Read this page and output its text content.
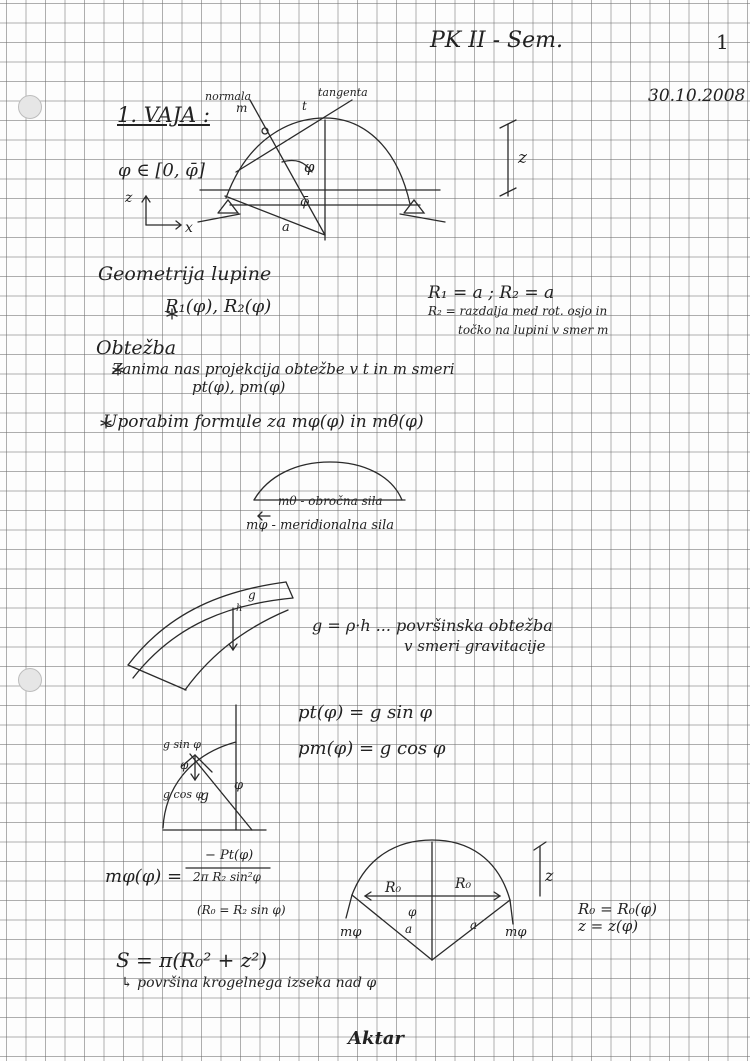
PK II - Sem.	1
30.10.2008
1. VAJA :
φ ∈ [0, φ̄]
normala
m
tangenta
t
φ
φ̄
a
z
x
z
Geometrija lupine
R₁(φ), R₂(φ)
R₁ = a ; R₂ = a
R₂ = razdalja med rot. osjo in
točko na lupini v smer m
Obtežba
Zanima nas projekcija obtežbe v t in m smeri
pt(φ), pm(φ)
Uporabim formule za mφ(φ) in mθ(φ)
mθ - obročna sila
mφ - meridionalna sila
g
h
g = ρ·h ... površinska obtežba
v smeri gravitacije
pt(φ) = g sin φ
pm(φ) = g cos φ
g sin φ
g cos φ
g
φ
φ
mφ(φ) =
− Pt(φ)
2π R₂ sin²φ
(R₀ = R₂ sin φ)
R₀	R₀
φ
mφ	mφ
a	a
z
R₀ = R₀(φ)
z = z(φ)
S = π(R₀² + z²)
↳ površina krogelnega izseka nad φ
Aktar
